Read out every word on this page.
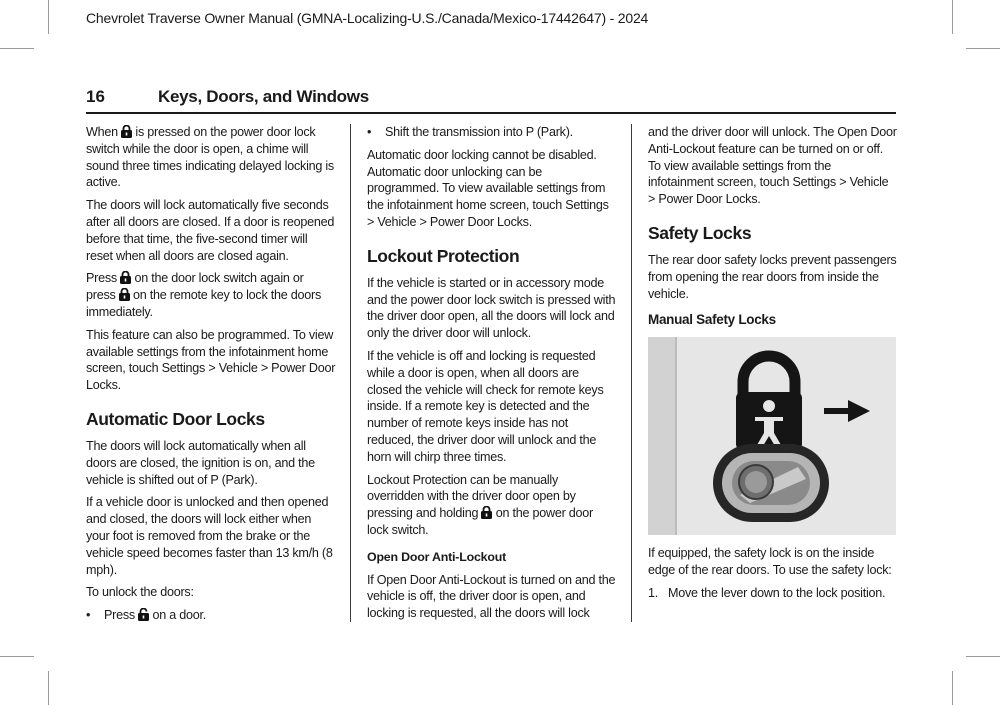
Chevrolet Traverse Owner Manual (GMNA-Localizing-U.S./Canada/Mexico-17442647) - 2024
16	Keys, Doors, and Windows

When is pressed on the power door lock switch while the door is open, a chime will sound three times indicating delayed locking is active.

The doors will lock automatically five seconds after all doors are closed. If a door is reopened before that time, the five-second timer will reset when all doors are closed again.

Press on the door lock switch again or press on the remote key to lock the doors immediately.

This feature can also be programmed. To view available settings from the infotainment home screen, touch Settings > Vehicle > Power Door Locks.

Automatic Door Locks

The doors will lock automatically when all doors are closed, the ignition is on, and the vehicle is shifted out of P (Park).

If a vehicle door is unlocked and then opened and closed, the doors will lock either when your foot is removed from the brake or the vehicle speed becomes faster than 13 km/h (8 mph).

To unlock the doors:

•	Press on a door.
•	Shift the transmission into P (Park).

Automatic door locking cannot be disabled. Automatic door unlocking can be programmed. To view available settings from the infotainment home screen, touch Settings > Vehicle > Power Door Locks.

Lockout Protection

If the vehicle is started or in accessory mode and the power door lock switch is pressed with the driver door open, all the doors will lock and only the driver door will unlock.

If the vehicle is off and locking is requested while a door is open, when all doors are closed the vehicle will check for remote keys inside. If a remote key is detected and the number of remote keys inside has not reduced, the driver door will unlock and the horn will chirp three times.

Lockout Protection can be manually overridden with the driver door open by pressing and holding on the power door lock switch.

Open Door Anti-Lockout

If Open Door Anti-Lockout is turned on and the vehicle is off, the driver door is open, and locking is requested, all the doors will lock

and the driver door will unlock. The Open Door Anti-Lockout feature can be turned on or off. To view available settings from the infotainment screen, touch Settings > Vehicle > Power Door Locks.

Safety Locks

The rear door safety locks prevent passengers from opening the rear doors from inside the vehicle.

Manual Safety Locks

If equipped, the safety lock is on the inside edge of the rear doors. To use the safety lock:

1. Move the lever down to the lock position.
